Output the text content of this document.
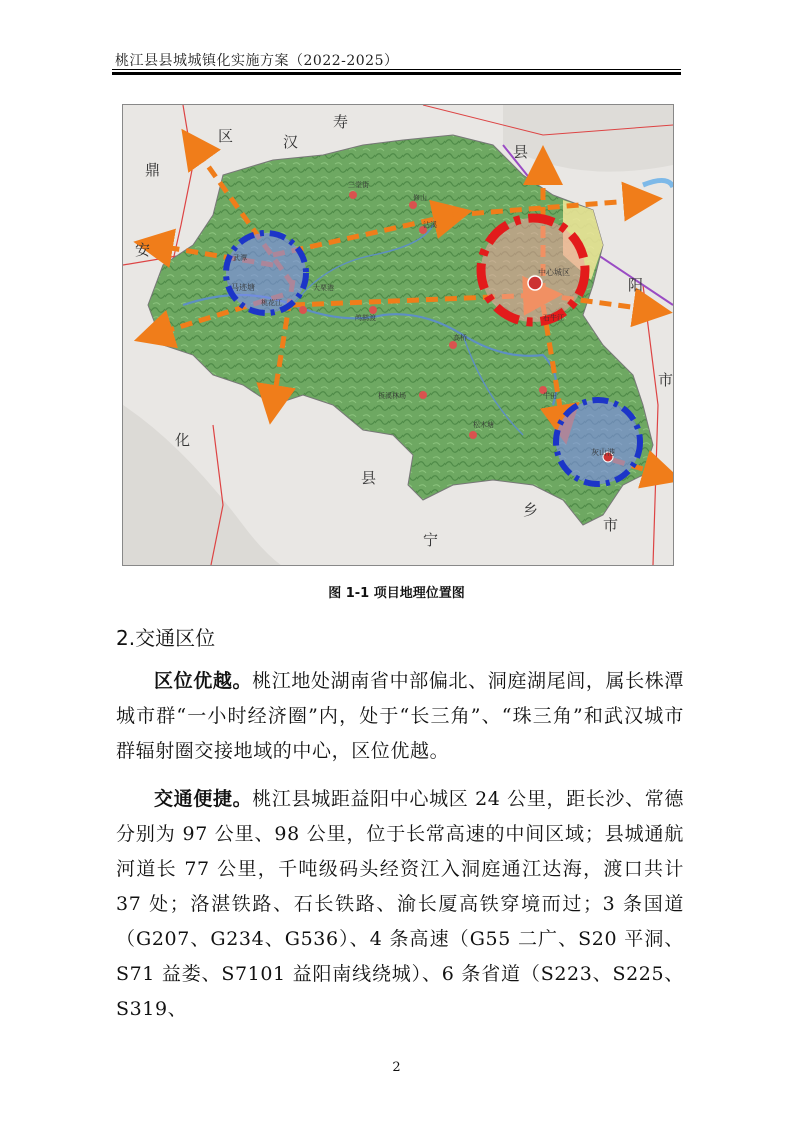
桃江县县城城镇化实施方案（2022-2025）
寿
汉
县
区
鼎
安
化
县
宁
乡
市
阳
市
中心城区
灰山港
武潭
马迹塘	大栗港
鸬鹚渡	石牛江
修山
三堂街
沾溪
牛田
松木塘
高桥
桃花江
板溪林场
图 1-1 项目地理位置图
2.交通区位
区位优越。桃江地处湖南省中部偏北、洞庭湖尾闾，属长株潭城市群“一小时经济圈”内，处于“长三角”、“珠三角”和武汉城市群辐射圈交接地域的中心，区位优越。
交通便捷。桃江县城距益阳中心城区 24 公里，距长沙、常德分别为 97 公里、98 公里，位于长常高速的中间区域；县城通航河道长 77 公里，千吨级码头经资江入洞庭通江达海，渡口共计 37 处；洛湛铁路、石长铁路、渝长厦高铁穿境而过；3 条国道（G207、G234、G536）、4 条高速（G55 二广、S20 平洞、S71 益娄、S7101 益阳南线绕城）、6 条省道（S223、S225、S319、
2
